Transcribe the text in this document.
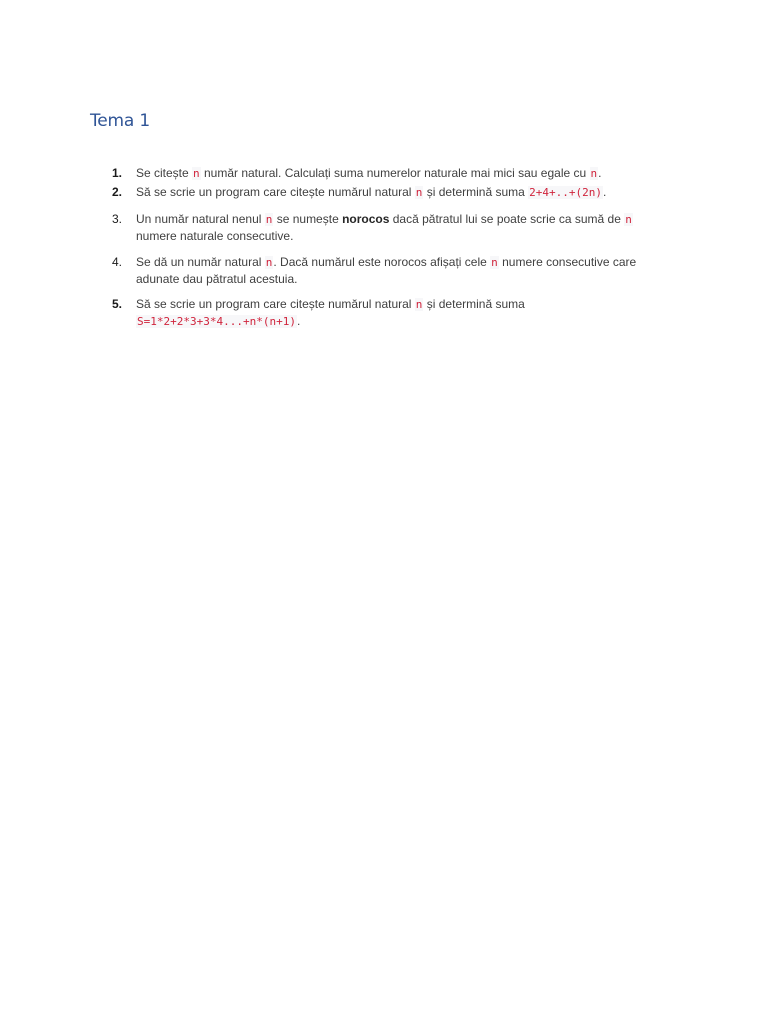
Tema 1
1.	Se citește n număr natural. Calculați suma numerelor naturale mai mici sau egale cu n.
2.	Să se scrie un program care citește numărul natural n și determină suma 2+4+..+(2n).
3.	Un număr natural nenul n se numește norocos dacă pătratul lui se poate scrie ca sumă de n numere naturale consecutive.
4.	Se dă un număr natural n. Dacă numărul este norocos afișați cele n numere consecutive care adunate dau pătratul acestuia.
5.	Să se scrie un program care citește numărul natural n și determină suma
S=1*2+2*3+3*4...+n*(n+1).
